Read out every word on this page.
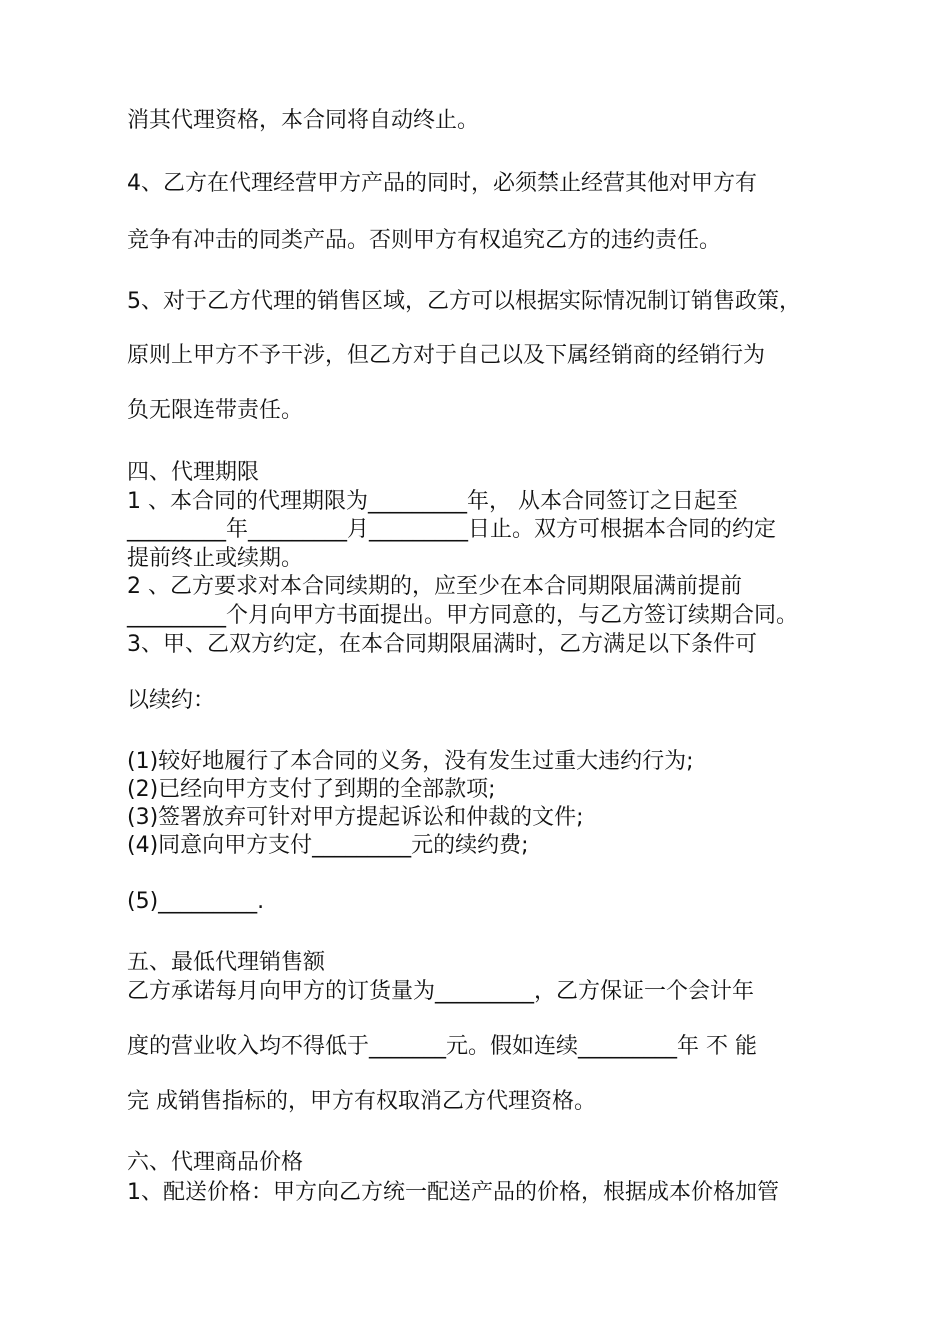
消其代理资格，本合同将自动终止。

4、乙方在代理经营甲方产品的同时，必须禁止经营其他对甲方有

竞争有冲击的同类产品。否则甲方有权追究乙方的违约责任。

5、对于乙方代理的销售区域，乙方可以根据实际情况制订销售政策，

原则上甲方不予干涉，但乙方对于自己以及下属经销商的经销行为

负无限连带责任。

四、代理期限

1 、本合同的代理期限为_________年， 从本合同签订之日起至

_________年_________月_________日止。双方可根据本合同的约定

提前终止或续期。

2 、乙方要求对本合同续期的，应至少在本合同期限届满前提前

_________个月向甲方书面提出。甲方同意的，与乙方签订续期合同。

3、甲、乙双方约定，在本合同期限届满时，乙方满足以下条件可

以续约：

(1)较好地履行了本合同的义务，没有发生过重大违约行为;

(2)已经向甲方支付了到期的全部款项;

(3)签署放弃可针对甲方提起诉讼和仲裁的文件;

(4)同意向甲方支付_________元的续约费;

(5)_________.

五、最低代理销售额

乙方承诺每月向甲方的订货量为_________，乙方保证一个会计年

度的营业收入均不得低于_______元。假如连续_________年 不 能

完 成销售指标的，甲方有权取消乙方代理资格。

六、代理商品价格

1、配送价格：甲方向乙方统一配送产品的价格，根据成本价格加管
